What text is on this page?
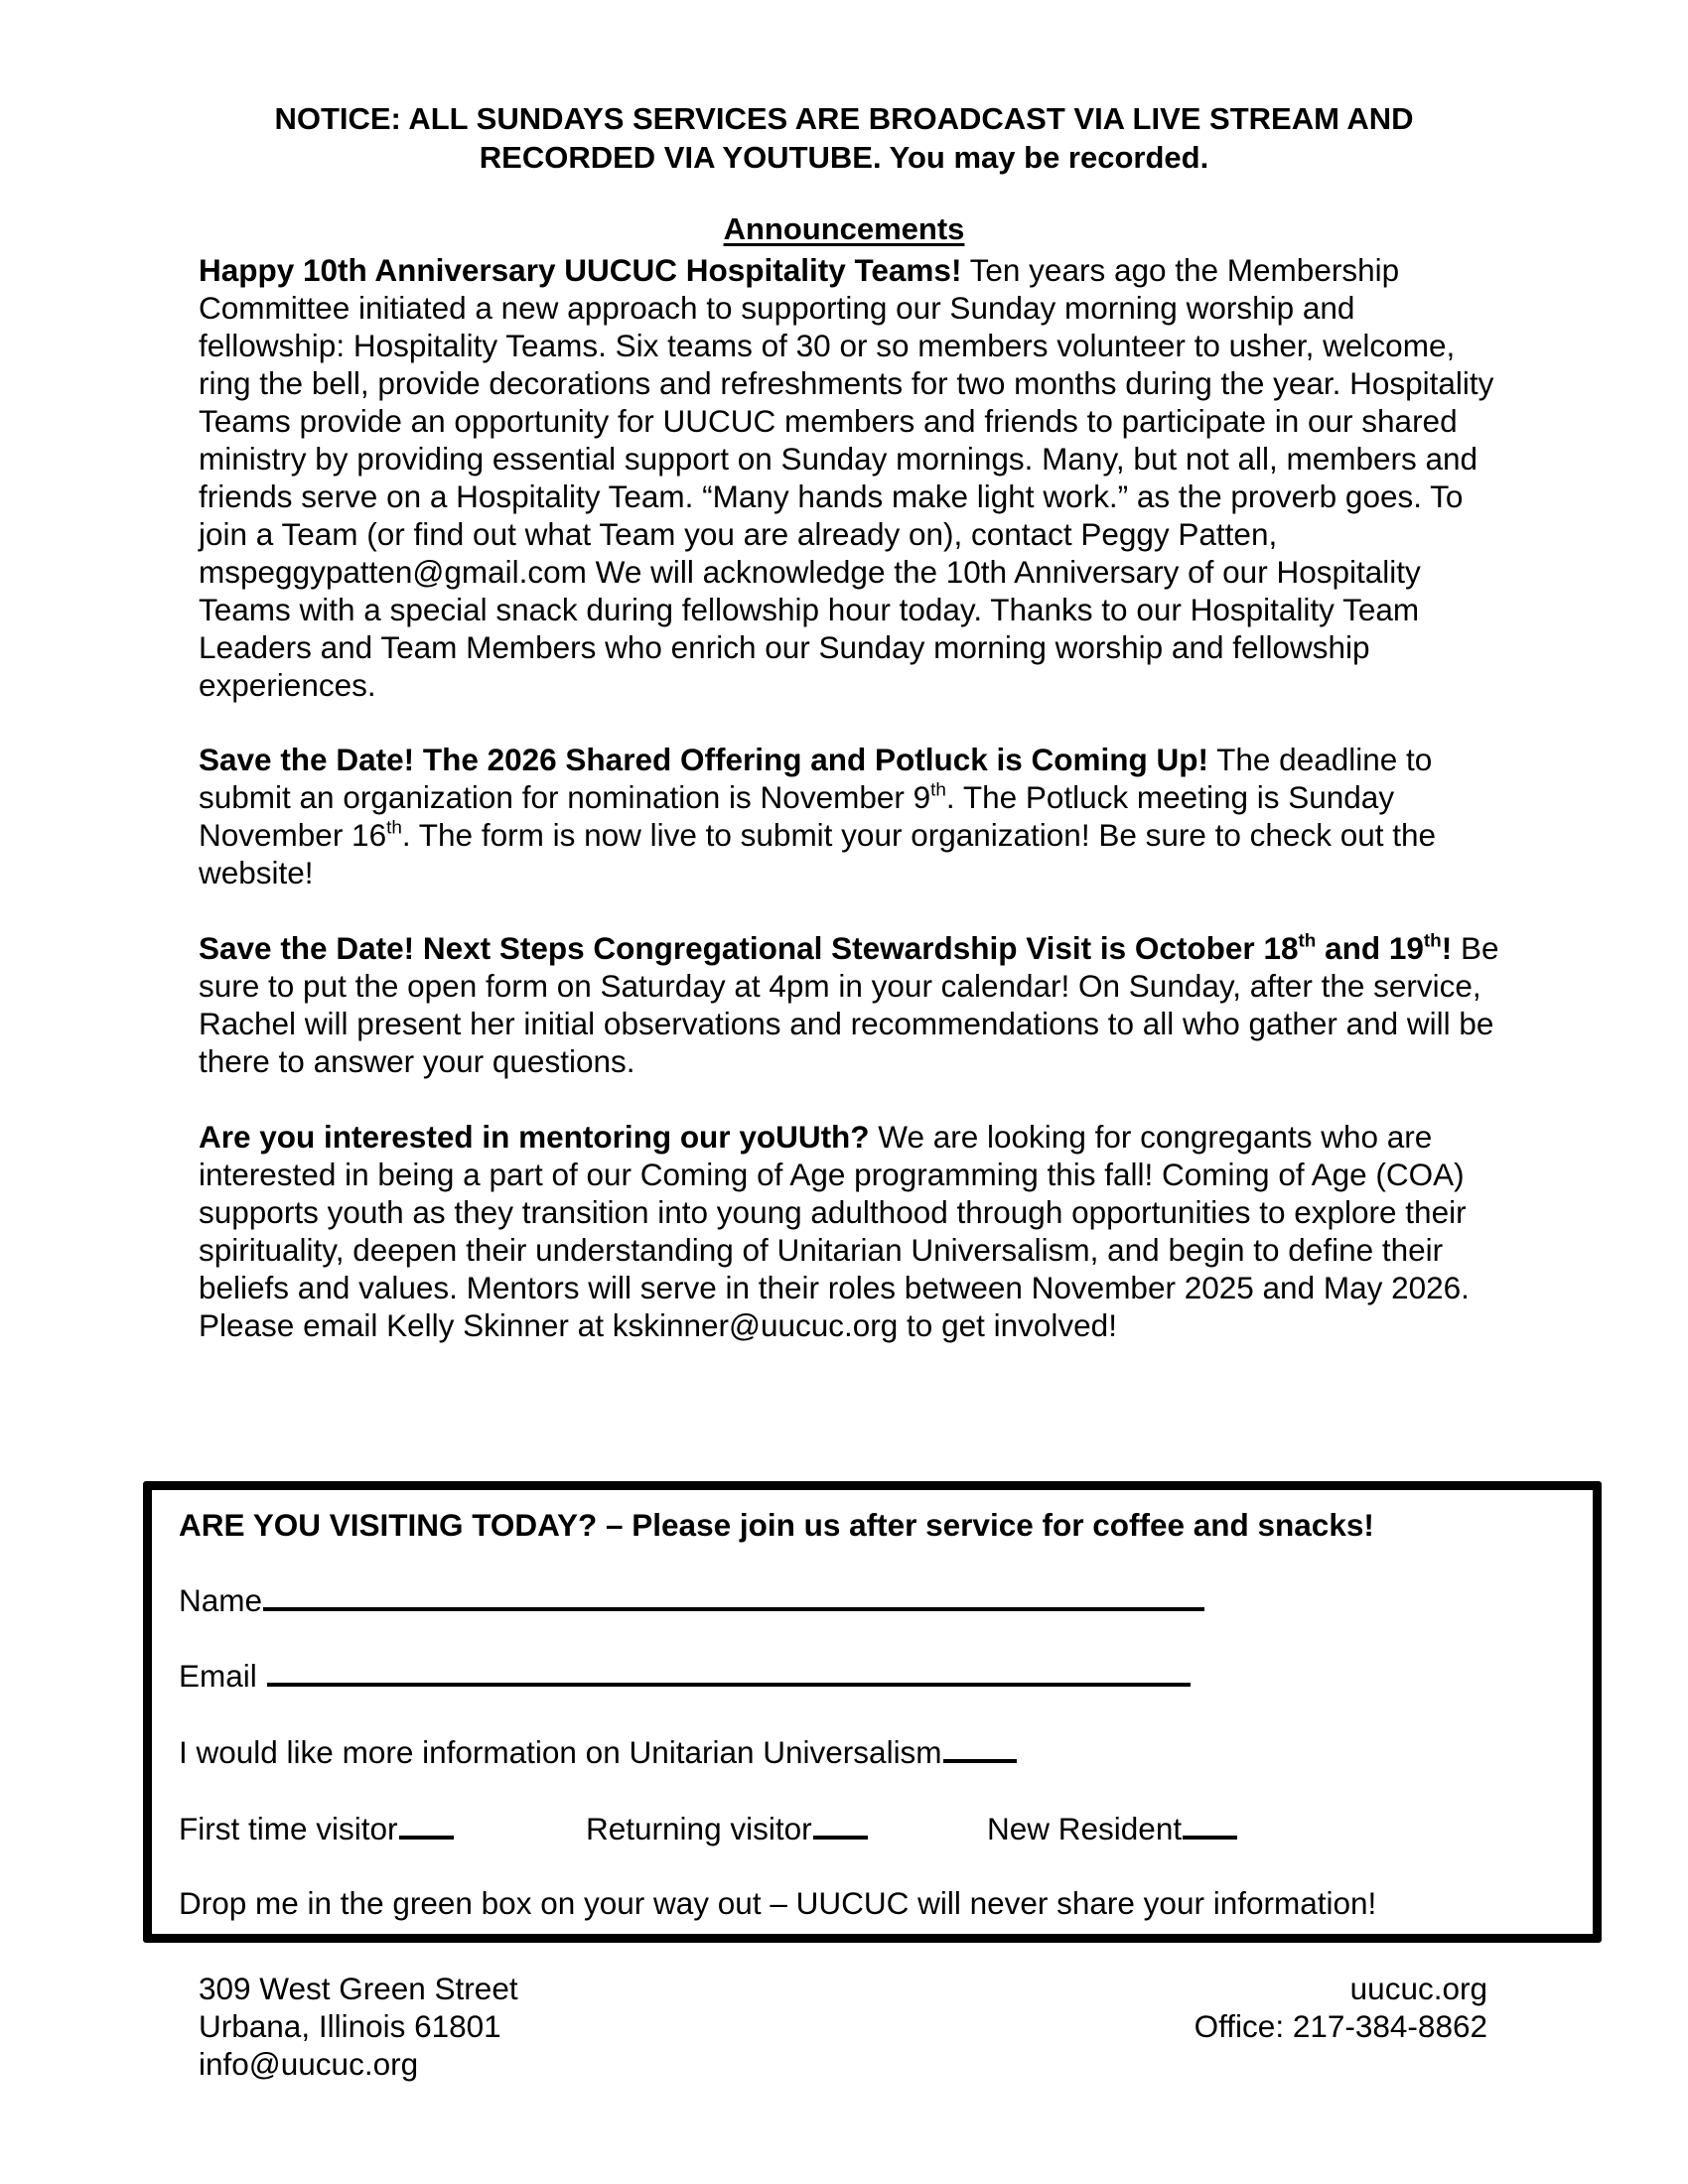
NOTICE: ALL SUNDAYS SERVICES ARE BROADCAST VIA LIVE STREAM AND
RECORDED VIA YOUTUBE. You may be recorded.
Announcements
Happy 10th Anniversary UUCUC Hospitality Teams! Ten years ago the Membership Committee initiated a new approach to supporting our Sunday morning worship and fellowship: Hospitality Teams. Six teams of 30 or so members volunteer to usher, welcome, ring the bell, provide decorations and refreshments for two months during the year. Hospitality Teams provide an opportunity for UUCUC members and friends to participate in our shared ministry by providing essential support on Sunday mornings. Many, but not all, members and friends serve on a Hospitality Team. “Many hands make light work.” as the proverb goes. To join a Team (or find out what Team you are already on), contact Peggy Patten, mspeggypatten@gmail.com We will acknowledge the 10th Anniversary of our Hospitality Teams with a special snack during fellowship hour today. Thanks to our Hospitality Team Leaders and Team Members who enrich our Sunday morning worship and fellowship experiences.
Save the Date! The 2026 Shared Offering and Potluck is Coming Up! The deadline to submit an organization for nomination is November 9th. The Potluck meeting is Sunday November 16th. The form is now live to submit your organization! Be sure to check out the website!
Save the Date! Next Steps Congregational Stewardship Visit is October 18th and 19th! Be sure to put the open form on Saturday at 4pm in your calendar! On Sunday, after the service, Rachel will present her initial observations and recommendations to all who gather and will be there to answer your questions.
Are you interested in mentoring our yoUUth? We are looking for congregants who are interested in being a part of our Coming of Age programming this fall! Coming of Age (COA) supports youth as they transition into young adulthood through opportunities to explore their spirituality, deepen their understanding of Unitarian Universalism, and begin to define their beliefs and values. Mentors will serve in their roles between November 2025 and May 2026. Please email Kelly Skinner at kskinner@uucuc.org to get involved!
ARE YOU VISITING TODAY? – Please join us after service for coffee and snacks!
Name
Email
I would like more information on Unitarian Universalism
First time visitor	Returning visitor	New Resident
Drop me in the green box on your way out – UUCUC will never share your information!
309 West Green Street
Urbana, Illinois 61801
info@uucuc.org
uucuc.org
Office: 217-384-8862
